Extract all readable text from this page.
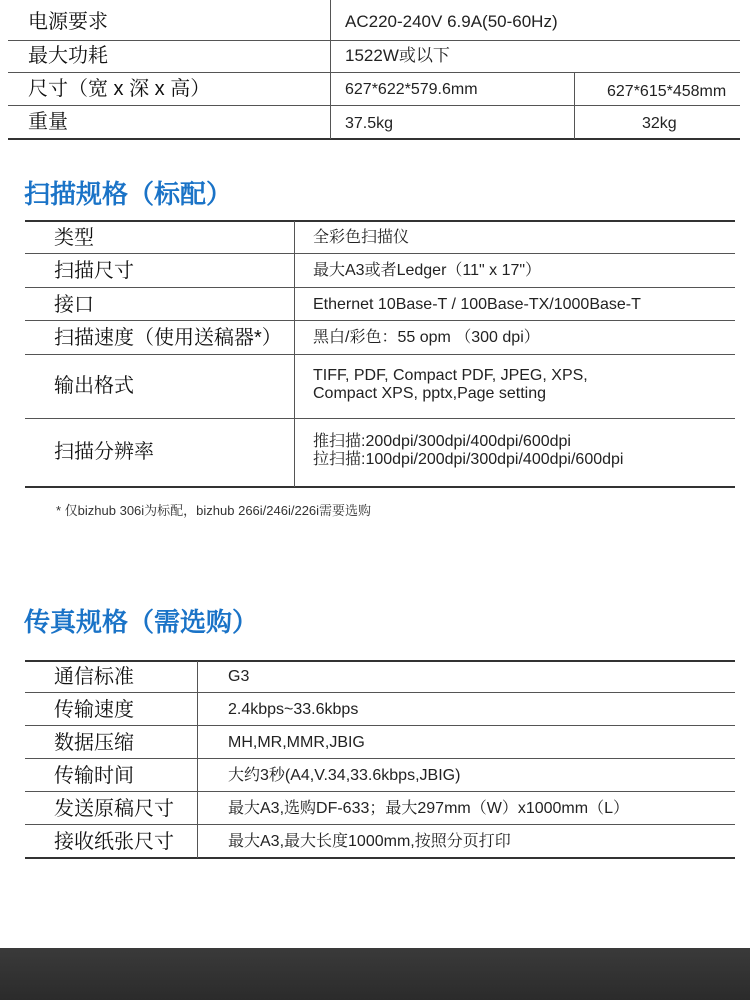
电源要求	AC220-240V 6.9A(50-60Hz)
最大功耗	1522W或以下
尺寸（宽 x 深 x 高）	627*622*579.6mm	627*615*458mm
重量	37.5kg	32kg
扫描规格（标配）
类型	全彩色扫描仪
扫描尺寸	最大A3或者Ledger（11" x 17"）
接口	Ethernet 10Base-T / 100Base-TX/1000Base-T
扫描速度（使用送稿器*） 黑白/彩色：55 opm （300 dpi）
输出格式	TIFF, PDF, Compact PDF, JPEG, XPS,
Compact XPS, pptx,Page setting
扫描分辨率	推扫描:200dpi/300dpi/400dpi/600dpi
拉扫描:100dpi/200dpi/300dpi/400dpi/600dpi
* 仅bizhub 306i为标配，bizhub 266i/246i/226i需要选购
传真规格（需选购）
通信标准	G3
传输速度	2.4kbps~33.6kbps
数据压缩	MH,MR,MMR,JBIG
传输时间	大约3秒(A4,V.34,33.6kbps,JBIG)
发送原稿尺寸	最大A3,选购DF-633；最大297mm（W）x1000mm（L）
接收纸张尺寸	最大A3,最大长度1000mm,按照分页打印
